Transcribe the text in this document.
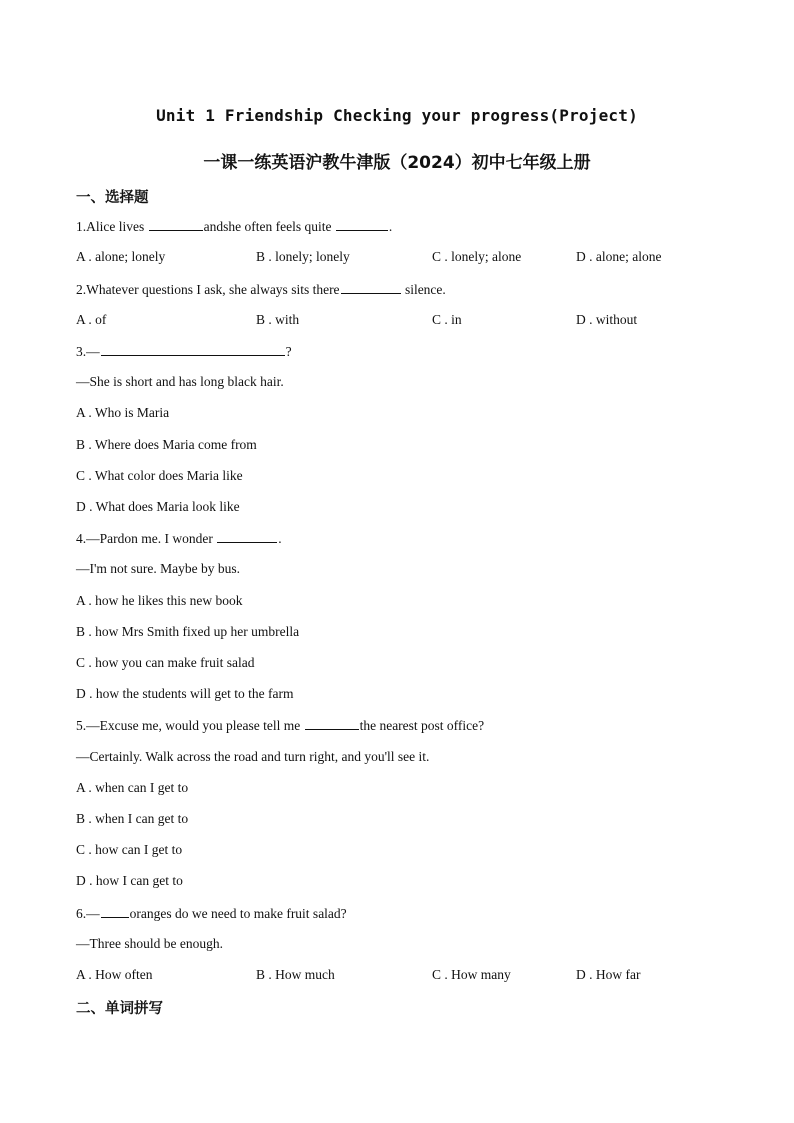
Unit 1 Friendship Checking your progress(Project)
一课一练英语沪教牛津版（2024）初中七年级上册
一、选择题
1.Alice lives	andshe often feels quite	.
A . alone; lonely	B . lonely; lonely	C . lonely; alone	D . alone; alone
2.Whatever questions I ask, she always sits there	silence.
A . of	B . with	C . in	D . without
3.—	?
—She is short and has long black hair.
A . Who is Maria
B . Where does Maria come from
C . What color does Maria like
D . What does Maria look like
4.—Pardon me. I wonder	.
—I'm not sure. Maybe by bus.
A . how he likes this new book
B . how Mrs Smith fixed up her umbrella
C . how you can make fruit salad
D . how the students will get to the farm
5.—Excuse me, would you please tell me	the nearest post office?
—Certainly. Walk across the road and turn right, and you'll see it.
A . when can I get to
B . when I can get to
C . how can I get to
D . how I can get to
6.— oranges do we need to make fruit salad?
—Three should be enough.
A . How often	B . How much	C . How many	D . How far
二、单词拼写
